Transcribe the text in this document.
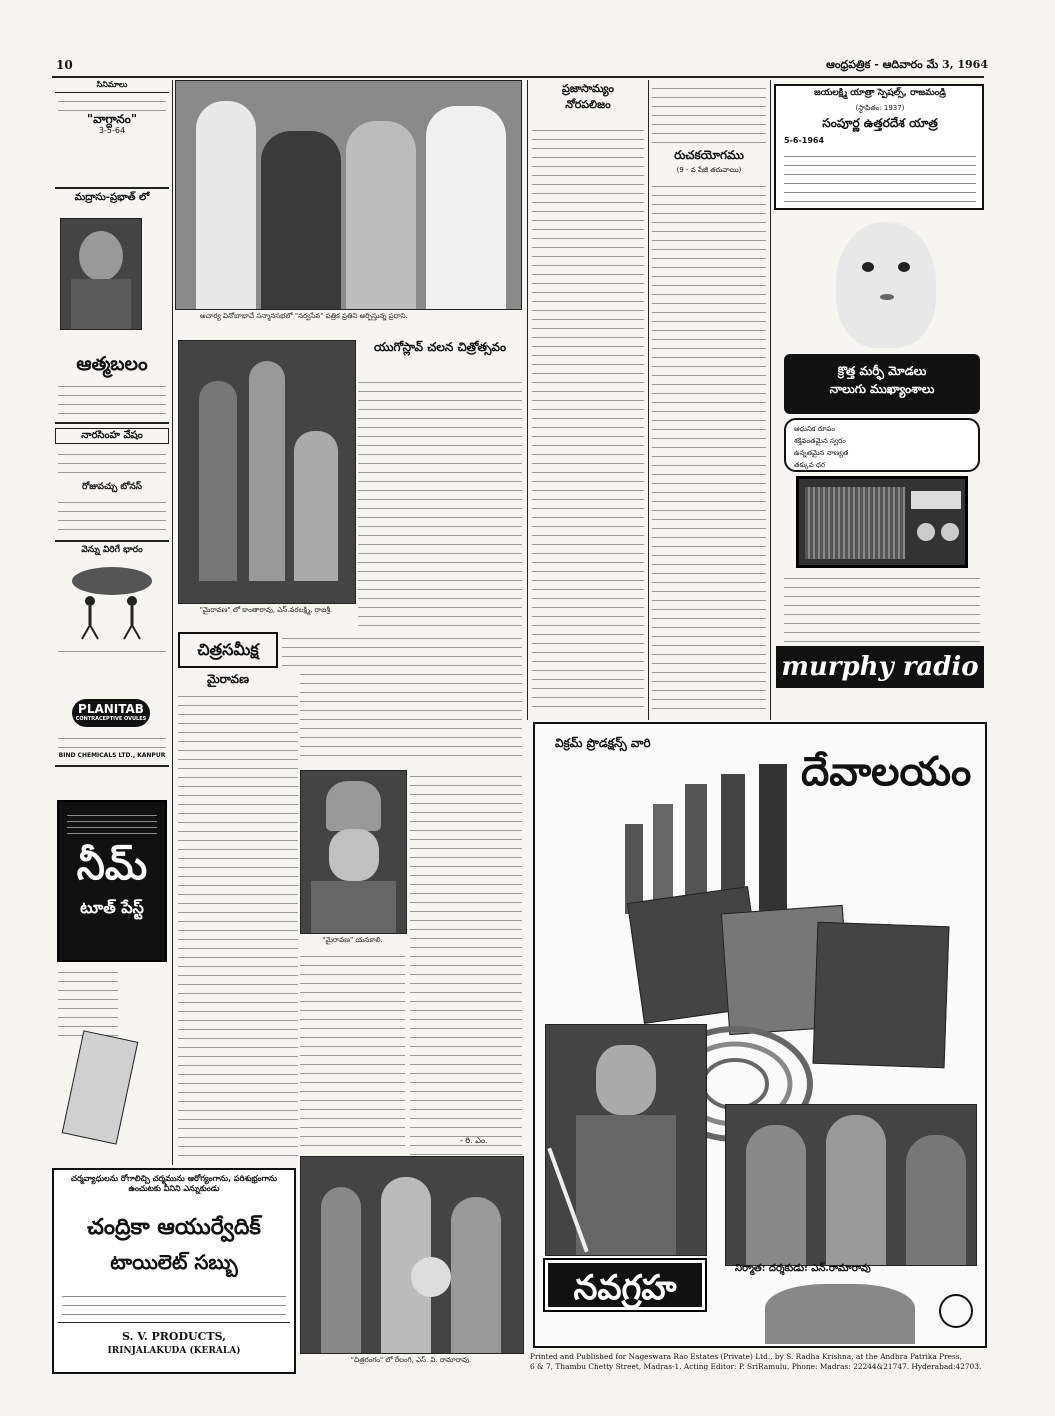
10	ఆంధ్రపత్రిక - ఆదివారం మే 3, 1964
సినిమాలు
"వాగ్దానం"
3-5-64
మద్రాసు-ప్రభాత్ లో
ఆత్మబలం
నారసింహ వేషం
రోజువచ్చు బోనస్
వెన్ను విరిగే భారం
PLANITAB
CONTRACEPTIVE OVULES
BIND CHEMICALS LTD., KANPUR
నీమ్
టూత్ పేస్ట్
అచార్య వినోబాభావే సన్మానసభలో "సర్వసేవ" పత్రిక ప్రతిని అర్పిస్తున్న ప్రధాని.
"మైరావణ" లో కాంతారావు, ఎస్.వరలక్ష్మి, రాజశ్రీ.
చిత్రసమీక్ష
మైరావణ
యుగోస్లావ్ చలన చిత్రోత్సవం
"మైరావణ" యనకాలి.
- రి. ఎం.
"చిత్రరంగం" లో రేలంగి, ఎస్. వి. రామారావు.
చర్మవ్యాధులను రోగాలిచ్చి చర్మమును ఆరోగ్యంగాను, పరిశుభ్రంగాను ఉంచుటకు వీనిని ఎన్నుకుండు
చంద్రికా ఆయుర్వేదిక్
టాయిలెట్ సబ్బు
S. V. PRODUCTS,
IRINJALAKUDA (KERALA)
ప్రజాసామ్యం
నోరపలిజం
రుచకయోగము
(9 - వ పేజీ తరువాయి)
జయలక్ష్మి యాత్రా స్పెషల్స్, రాజమండ్రి
(స్థాపితం: 1937)
సంపూర్ణ ఉత్తరదేశ యాత్ర
5-6-1964
క్రొత్త మర్ఫీ మోడలు
నాలుగు ముఖ్యాంశాలు
ఆధునిక రూపం
శక్తివంతమైన స్వరం
ఉన్నతమైన నాణ్యత
తక్కువ ధర
murphy radio
విక్రమ్ ప్రొడక్షన్స్ వారి
దేవాలయం
నిర్మాత: దర్శకుడు: ఎన్.రామారావు
నవగ్రహ
Printed and Published for Nageswara Rao Estates (Private) Ltd., by S. Radha Krishna, at the Andhra Patrika Press,
6 & 7, Thambu Chetty Street, Madras-1. Acting Editor: P. SriRamulu, Phone: Madras: 22244&21747. Hyderabad:42703.
